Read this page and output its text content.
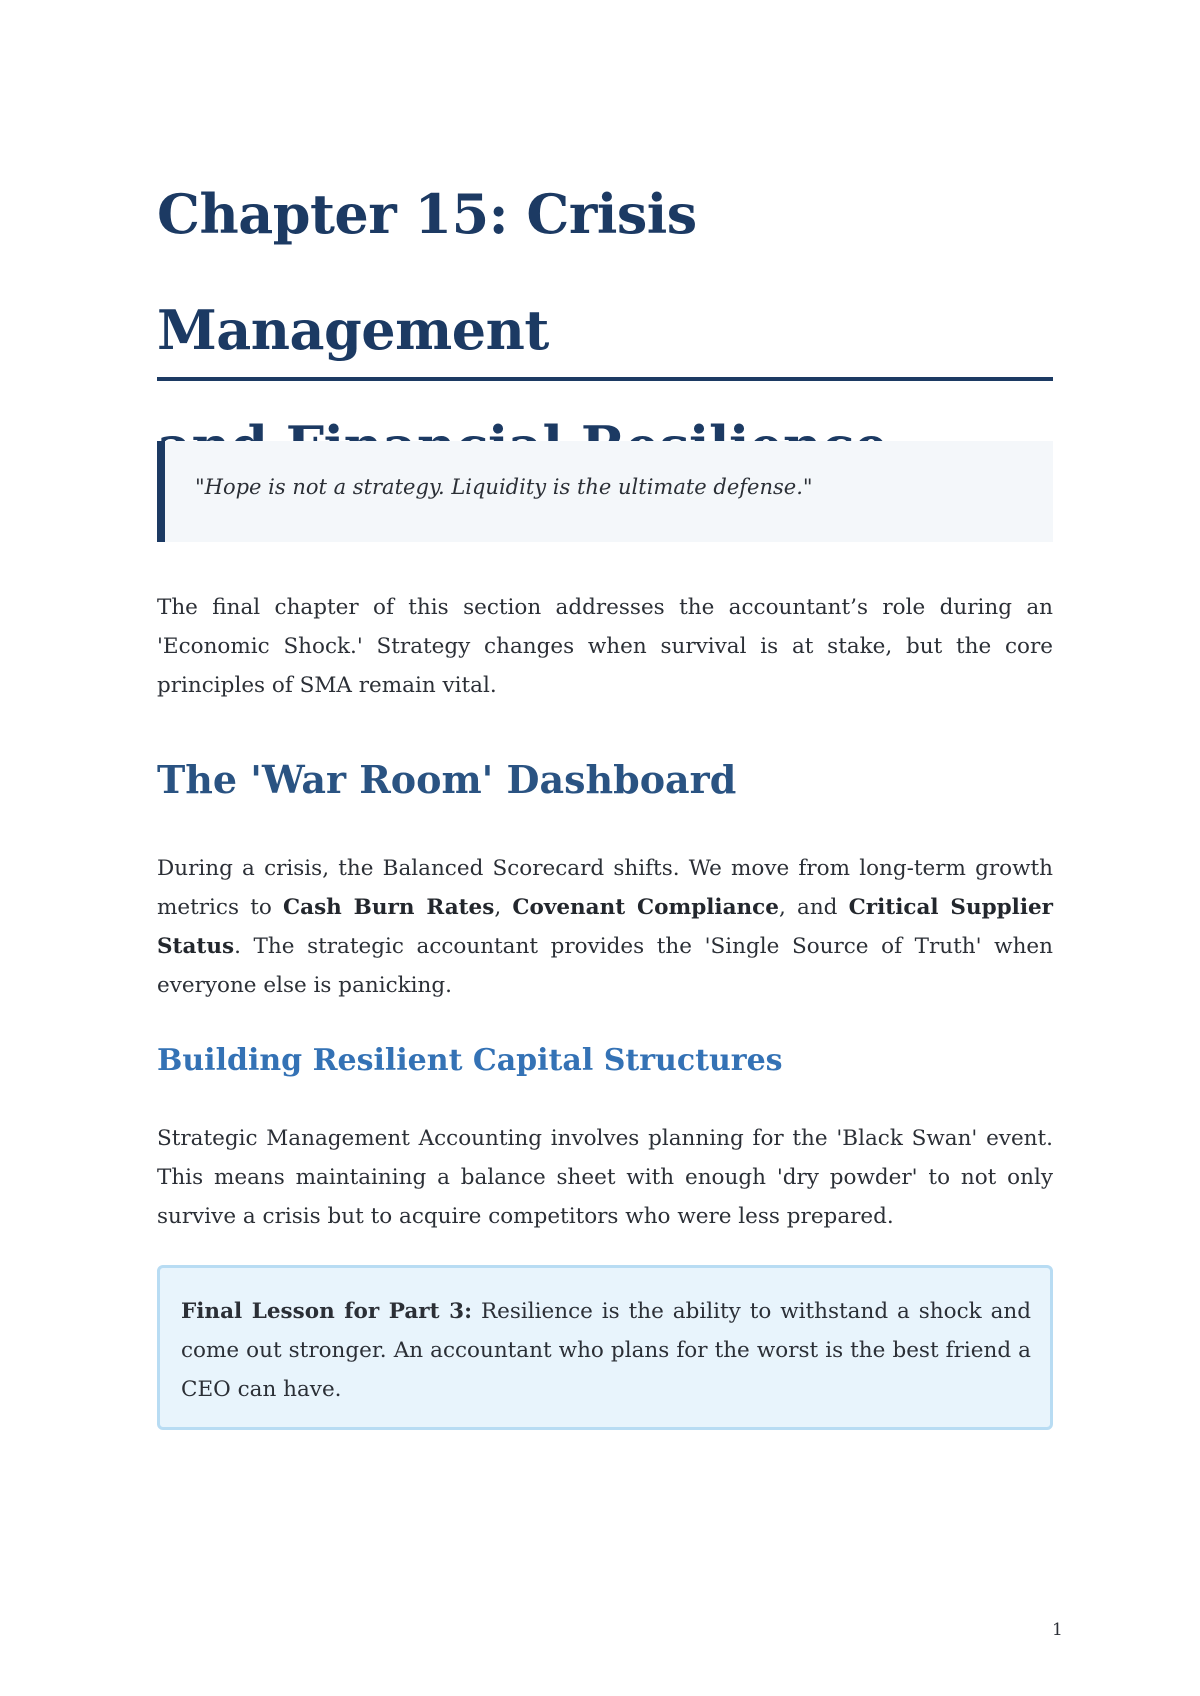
Chapter 15: Crisis Management

"Hope is not a strategy. Liquidity is the ultimate defense."

The final chapter of this section addresses the accountant’s role during an 'Economic Shock.' Strategy changes when survival is at stake, but the core principles of SMA remain vital.

The 'War Room' Dashboard

During a crisis, the Balanced Scorecard shifts. We move from long-term growth metrics to Cash Burn Rates, Covenant Compliance, and Critical Supplier Status. The strategic accountant provides the 'Single Source of Truth' when everyone else is panicking.

Building Resilient Capital Structures

Strategic Management Accounting involves planning for the 'Black Swan' event. This means maintaining a balance sheet with enough 'dry powder' to not only survive a crisis but to acquire competitors who were less prepared.

Final Lesson for Part 3: Resilience is the ability to withstand a shock and come out stronger. An accountant who plans for the worst is the best friend a CEO can have.

1
